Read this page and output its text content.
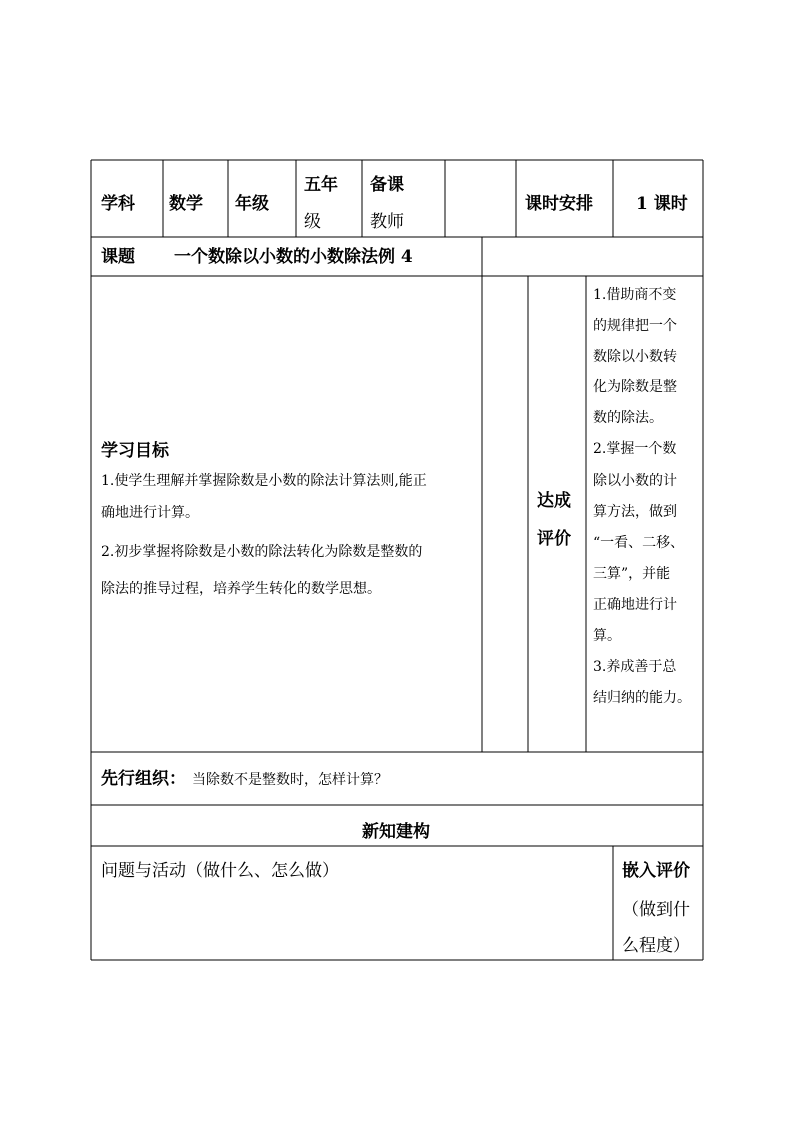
学科 数学 年级
五年
级
备课
教师
课时安排	1 课时
课题 一个数除以小数的小数除法例 4
学习目标
1.使学生理解并掌握除数是小数的除法计算法则,能正
确地进行计算。
2.初步掌握将除数是小数的除法转化为除数是整数的
除法的推导过程，培养学生转化的数学思想。
达成
评价
1.借助商不变
的规律把一个
数除以小数转
化为除数是整
数的除法。
2.掌握一个数
除以小数的计
算方法，做到
“一看、二移、
三算”，并能
正确地进行计
算。
3.养成善于总
结归纳的能力。
先行组织： 当除数不是整数时，怎样计算？
新知建构
问题与活动（做什么、怎么做）	嵌入评价
（做到什
么程度）
